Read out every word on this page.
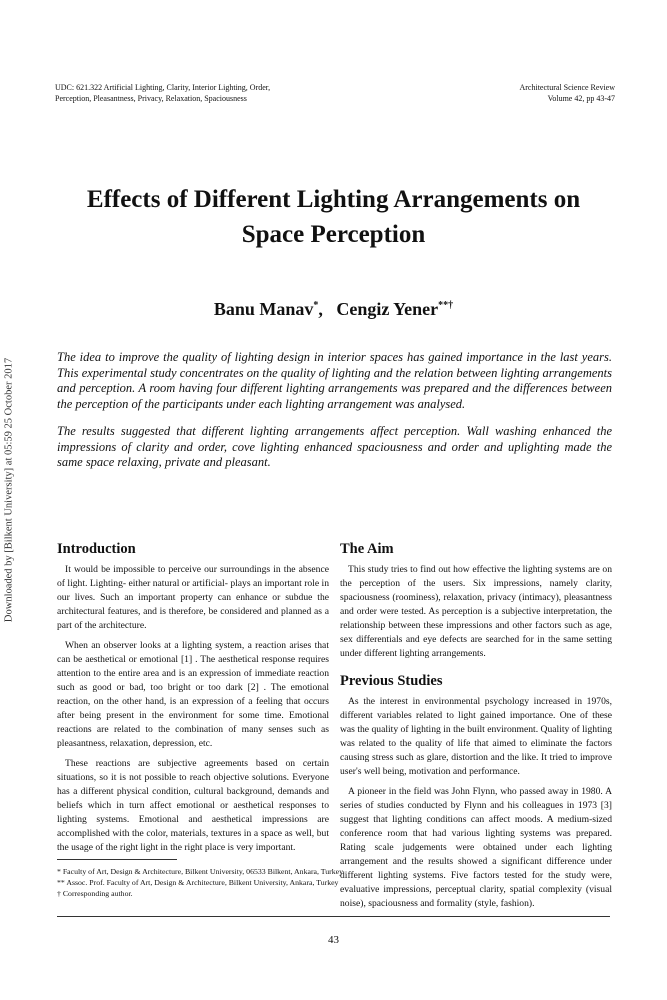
UDC: 621.322 Artificial Lighting, Clarity, Interior Lighting, Order,
Perception, Pleasantness, Privacy, Relaxation, Spaciousness
Architectural Science Review
Volume 42, pp 43-47
Effects of Different Lighting Arrangements on
Space Perception
Banu Manav*, Cengiz Yener**†

The idea to improve the quality of lighting design in interior spaces has gained importance in the last years. This experimental study concentrates on the quality of lighting and the relation between lighting arrangements and perception. A room having four different lighting arrangements was prepared and the differences between the perception of the participants under each lighting arrangement was analysed.

The results suggested that different lighting arrangements affect perception. Wall washing enhanced the impressions of clarity and order, cove lighting enhanced spaciousness and order and uplighting made the same space relaxing, private and pleasant.

Downloaded by [Bilkent University] at 05:59 25 October 2017	Introduction

It would be impossible to perceive our surroundings in the absence of light. Lighting- either natural or artificial- plays an important role in our lives. Such an important property can enhance or subdue the architectural features, and is therefore, be considered and planned as a part of the architecture.

When an observer looks at a lighting system, a reaction arises that can be aesthetical or emotional [1] . The aesthetical response requires attention to the entire area and is an expression of immediate reaction such as good or bad, too bright or too dark [2] . The emotional reaction, on the other hand, is an expression of a feeling that occurs after being present in the environment for some time. Emotional reactions are related to the combination of many senses such as pleasantness, relaxation, depression, etc.

These reactions are subjective agreements based on certain situations, so it is not possible to reach objective solutions. Everyone has a different physical condition, cultural background, demands and beliefs which in turn affect emotional or aesthetical responses to lighting systems. Emotional and aesthetical impressions are accomplished with the color, materials, textures in a space as well, but the usage of the right light in the right place is very important.

The Aim

This study tries to find out how effective the lighting systems are on the perception of the users. Six impressions, namely clarity, spaciousness (roominess), relaxation, privacy (intimacy), pleasantness and order were tested. As perception is a subjective interpretation, the relationship between these impressions and other factors such as age, sex differentials and eye defects are searched for in the same setting under different lighting arrangements.

Previous Studies

As the interest in environmental psychology increased in 1970s, different variables related to light gained importance. One of these was the quality of lighting in the built environment. Quality of lighting was related to the quality of life that aimed to eliminate the factors causing stress such as glare, distortion and the like. It tried to improve user's well being, motivation and performance.

A pioneer in the field was John Flynn, who passed away in 1980. A series of studies conducted by Flynn and his colleagues in 1973 [3] suggest that lighting conditions can affect moods. A medium-sized conference room that had various lighting systems was prepared. Rating scale judgements were obtained under each lighting arrangement and the results showed a significant difference under different lighting systems. Five factors tested for the study were, evaluative impressions, perceptual clarity, spatial complexity (visual noise), spaciousness and formality (style, fashion).

* Faculty of Art, Design & Architecture, Bilkent University, 06533 Bilkent, Ankara, Turkey
** Assoc. Prof. Faculty of Art, Design & Architecture, Bilkent University, Ankara, Turkey
† Corresponding author.
43
